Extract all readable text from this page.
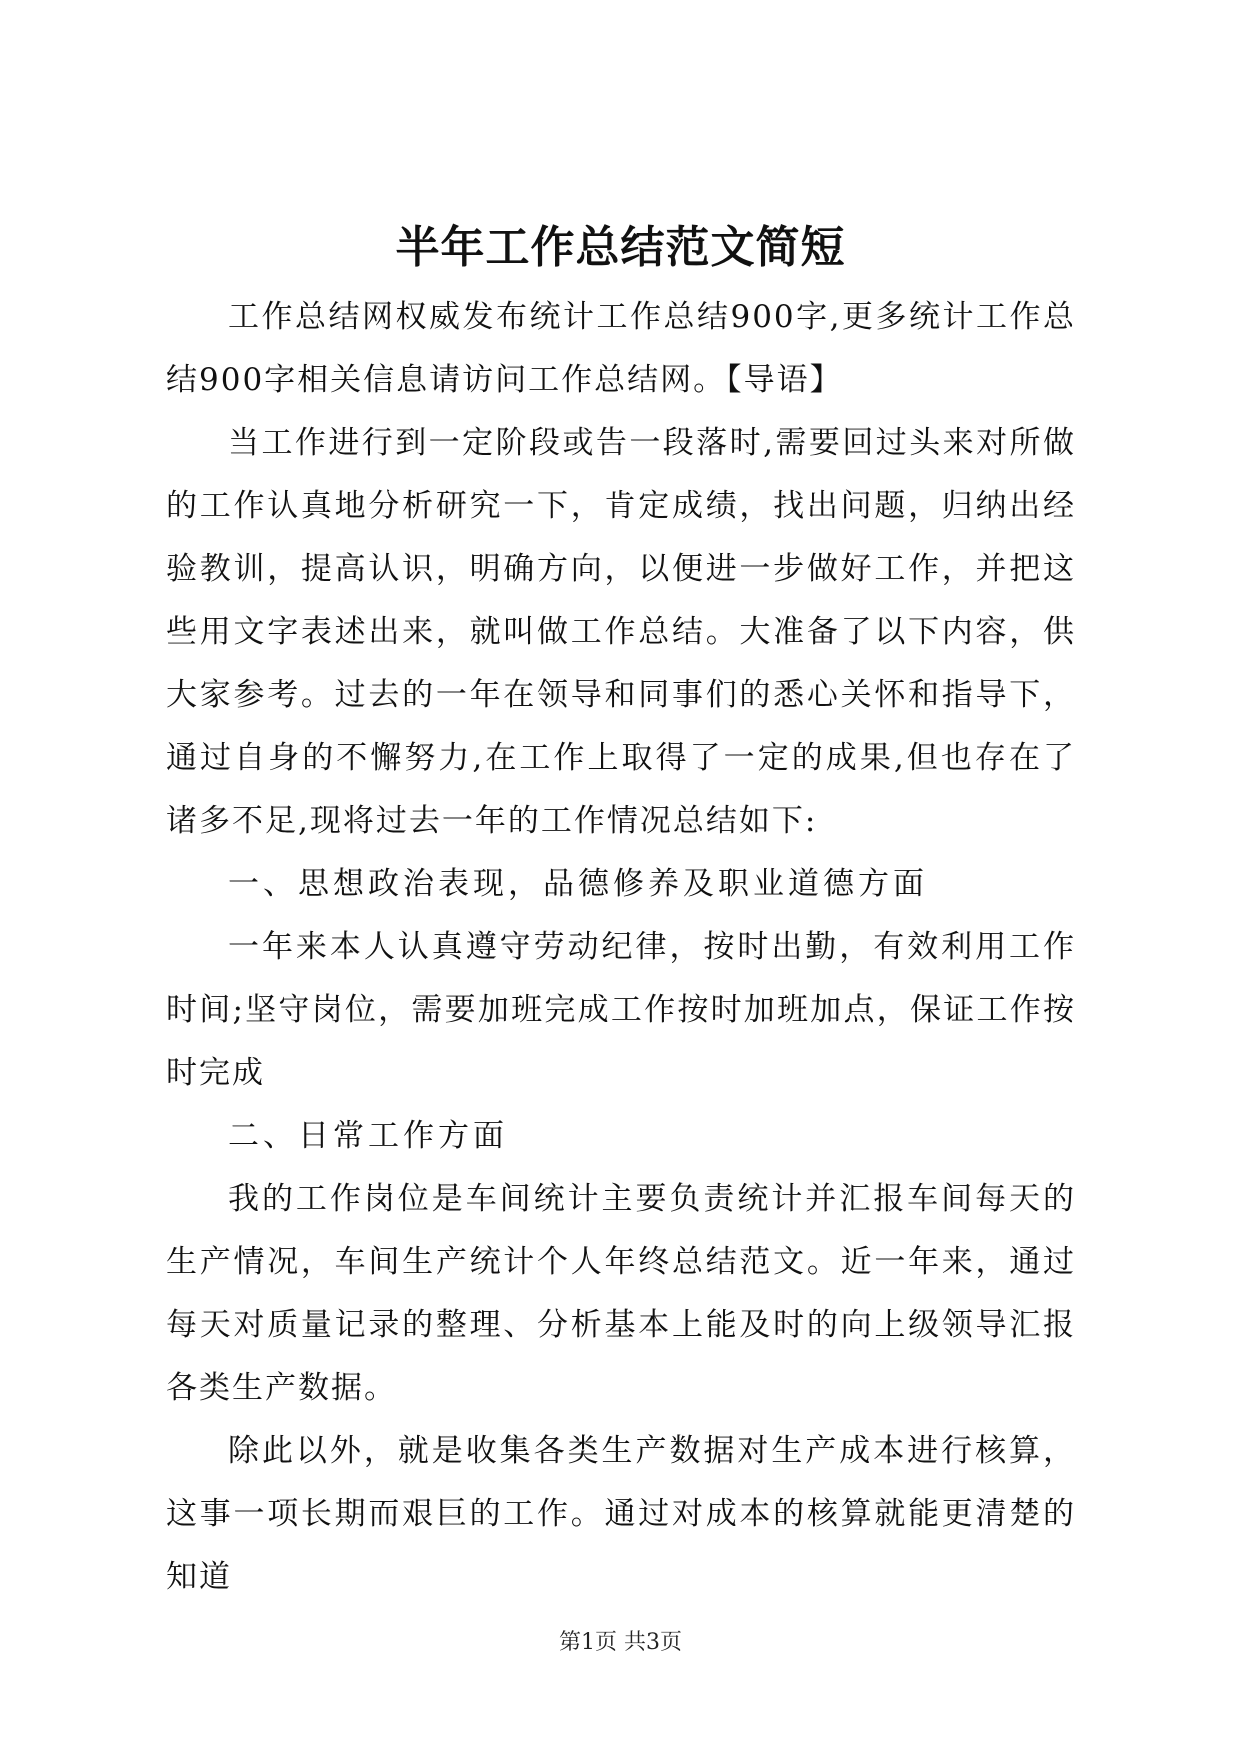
半年工作总结范文简短

工作总结网权威发布统计工作总结900字,更多统计工作总结900字相关信息请访问工作总结网。【导语】

当工作进行到一定阶段或告一段落时,需要回过头来对所做的工作认真地分析研究一下，肯定成绩，找出问题，归纳出经验教训，提高认识，明确方向，以便进一步做好工作，并把这些用文字表述出来，就叫做工作总结。大准备了以下内容，供大家参考。过去的一年在领导和同事们的悉心关怀和指导下，通过自身的不懈努力,在工作上取得了一定的成果,但也存在了诸多不足,现将过去一年的工作情况总结如下:

一、思想政治表现，品德修养及职业道德方面

一年来本人认真遵守劳动纪律，按时出勤，有效利用工作时间;坚守岗位，需要加班完成工作按时加班加点，保证工作按时完成

二、日常工作方面

我的工作岗位是车间统计主要负责统计并汇报车间每天的生产情况，车间生产统计个人年终总结范文。近一年来，通过每天对质量记录的整理、分析基本上能及时的向上级领导汇报各类生产数据。

除此以外，就是收集各类生产数据对生产成本进行核算，这事一项长期而艰巨的工作。通过对成本的核算就能更清楚的知道

第1页 共3页
